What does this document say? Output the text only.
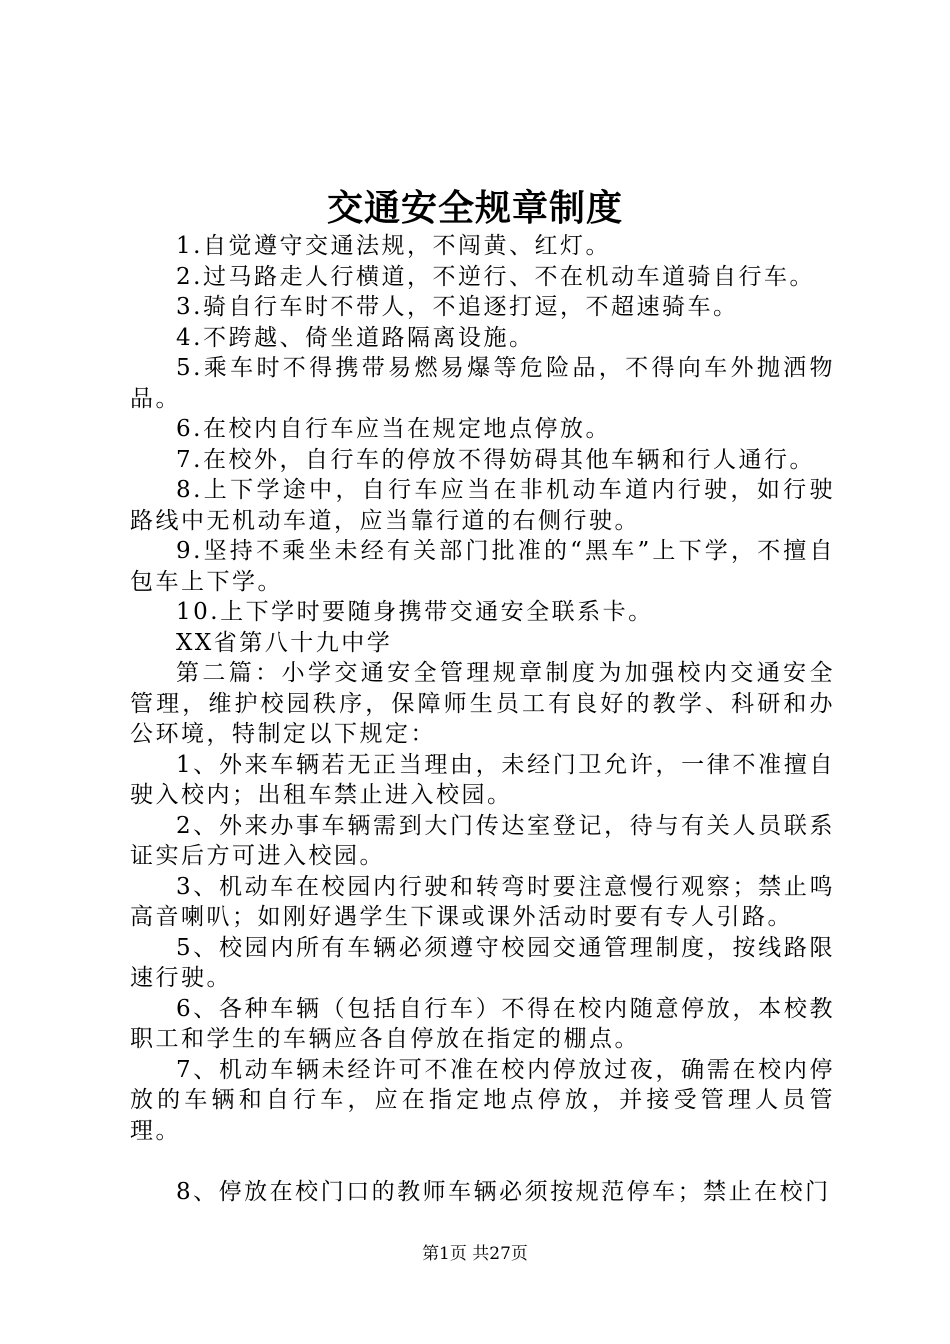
交通安全规章制度

1.自觉遵守交通法规，不闯黄、红灯。

2.过马路走人行横道，不逆行、不在机动车道骑自行车。

3.骑自行车时不带人，不追逐打逗，不超速骑车。

4.不跨越、倚坐道路隔离设施。

5.乘车时不得携带易燃易爆等危险品，不得向车外抛洒物品。

6.在校内自行车应当在规定地点停放。

7.在校外，自行车的停放不得妨碍其他车辆和行人通行。

8.上下学途中，自行车应当在非机动车道内行驶，如行驶路线中无机动车道，应当靠行道的右侧行驶。

9.坚持不乘坐未经有关部门批准的“黑车”上下学，不擅自包车上下学。

10.上下学时要随身携带交通安全联系卡。

XX省第八十九中学

第二篇：小学交通安全管理规章制度为加强校内交通安全管理，维护校园秩序，保障师生员工有良好的教学、科研和办公环境，特制定以下规定：

1、外来车辆若无正当理由，未经门卫允许，一律不准擅自驶入校内；出租车禁止进入校园。

2、外来办事车辆需到大门传达室登记，待与有关人员联系证实后方可进入校园。

3、机动车在校园内行驶和转弯时要注意慢行观察；禁止鸣高音喇叭；如刚好遇学生下课或课外活动时要有专人引路。

5、校园内所有车辆必须遵守校园交通管理制度，按线路限速行驶。

6、各种车辆（包括自行车）不得在校内随意停放，本校教职工和学生的车辆应各自停放在指定的棚点。

7、机动车辆未经许可不准在校内停放过夜，确需在校内停放的车辆和自行车，应在指定地点停放，并接受管理人员管理。

8、停放在校门口的教师车辆必须按规范停车；禁止在校门

第1页 共27页
